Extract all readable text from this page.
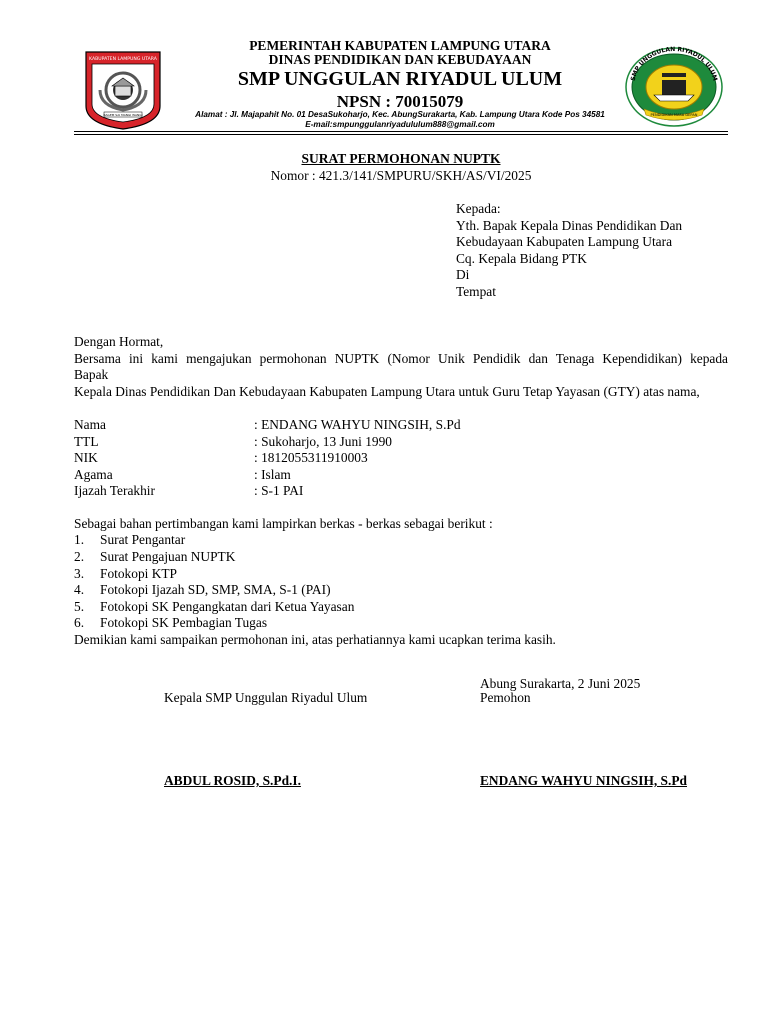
KABUPATEN LAMPUNG UTARA
RAGEM SAI MANGI WANGI
SMP UNGGULAN RIYADUL ULUM
PENDIDIKAN MASA DEPAN
PEMERINTAH KABUPATEN LAMPUNG UTARA
DINAS PENDIDIKAN DAN KEBUDAYAAN
SMP UNGGULAN RIYADUL ULUM
NPSN : 70015079
Alamat : Jl. Majapahit No. 01 DesaSukoharjo, Kec. AbungSurakarta, Kab. Lampung Utara Kode Pos 34581
E-mail:smpunggulanriyadululum888@gmail.com
SURAT PERMOHONAN NUPTK
Nomor : 421.3/141/SMPURU/SKH/AS/VI/2025
Kepada:
Yth. Bapak Kepala Dinas Pendidikan Dan
Kebudayaan Kabupaten Lampung Utara
Cq. Kepala Bidang PTK
Di
Tempat
Dengan Hormat,
Bersama ini kami mengajukan permohonan NUPTK (Nomor Unik Pendidik dan Tenaga Kependidikan) kepada
Bapak
Kepala Dinas Pendidikan Dan Kebudayaan Kabupaten Lampung Utara untuk Guru Tetap Yayasan (GTY) atas nama,
Nama	: ENDANG WAHYU NINGSIH, S.Pd
TTL	: Sukoharjo, 13 Juni 1990
NIK	: 1812055311910003
Agama	: Islam
Ijazah Terakhir	: S-1 PAI
Sebagai bahan pertimbangan kami lampirkan berkas - berkas sebagai berikut :
1. Surat Pengantar
2. Surat Pengajuan NUPTK
3. Fotokopi KTP
4. Fotokopi Ijazah SD, SMP, SMA, S-1 (PAI)
5. Fotokopi SK Pengangkatan dari Ketua Yayasan
6. Fotokopi SK Pembagian Tugas
Demikian kami sampaikan permohonan ini, atas perhatiannya kami ucapkan terima kasih.
Abung Surakarta, 2 Juni 2025
Kepala SMP Unggulan Riyadul Ulum	Pemohon
ABDUL ROSID, S.Pd.I.	ENDANG WAHYU NINGSIH, S.Pd
